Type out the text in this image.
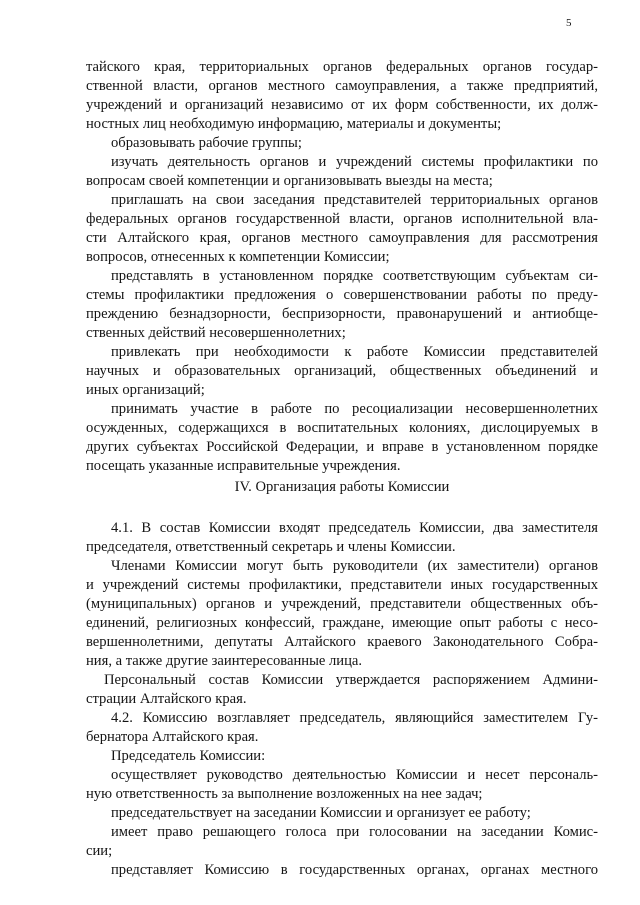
5
тайского края, территориальных органов федеральных органов государ-
ственной власти, органов местного самоуправления, а также предприятий,
учреждений и организаций независимо от их форм собственности, их долж-
ностных лиц необходимую информацию, материалы и документы;
образовывать рабочие группы;
изучать деятельность органов и учреждений системы профилактики по
вопросам своей компетенции и организовывать выезды на места;
приглашать на свои заседания представителей территориальных органов
федеральных органов государственной власти, органов исполнительной вла-
сти Алтайского края, органов местного самоуправления для рассмотрения
вопросов, отнесенных к компетенции Комиссии;
представлять в установленном порядке соответствующим субъектам си-
стемы профилактики предложения о совершенствовании работы по преду-
преждению безнадзорности, беспризорности, правонарушений и антиобще-
ственных действий несовершеннолетних;
привлекать при необходимости к работе Комиссии представителей
научных и образовательных организаций, общественных объединений и
иных организаций;
принимать участие в работе по ресоциализации несовершеннолетних
осужденных, содержащихся в воспитательных колониях, дислоцируемых в
других субъектах Российской Федерации, и вправе в установленном порядке
посещать указанные исправительные учреждения.
IV. Организация работы Комиссии
4.1. В состав Комиссии входят председатель Комиссии, два заместителя
председателя, ответственный секретарь и члены Комиссии.
Членами Комиссии могут быть руководители (их заместители) органов
и учреждений системы профилактики, представители иных государственных
(муниципальных) органов и учреждений, представители общественных объ-
единений, религиозных конфессий, граждане, имеющие опыт работы с несо-
вершеннолетними, депутаты Алтайского краевого Законодательного Собра-
ния, а также другие заинтересованные лица.
Персональный состав Комиссии утверждается распоряжением Админи-
страции Алтайского края.
4.2. Комиссию возглавляет председатель, являющийся заместителем Гу-
бернатора Алтайского края.
Председатель Комиссии:
осуществляет руководство деятельностью Комиссии и несет персональ-
ную ответственность за выполнение возложенных на нее задач;
председательствует на заседании Комиссии и организует ее работу;
имеет право решающего голоса при голосовании на заседании Комис-
сии;
представляет Комиссию в государственных органах, органах местного
